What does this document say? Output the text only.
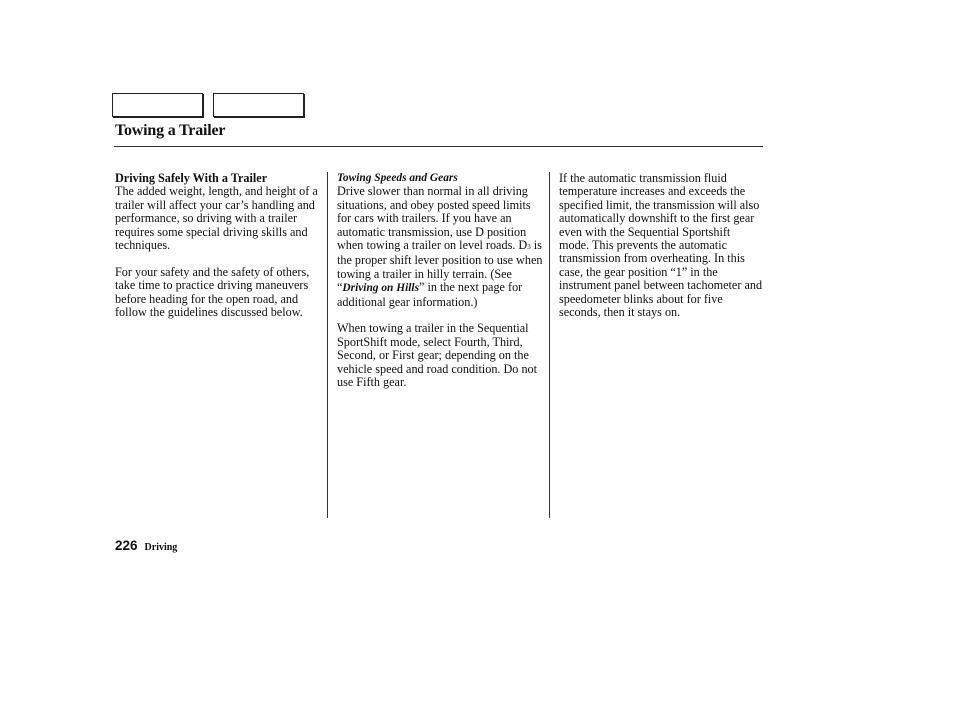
Towing a Trailer

Driving Safely With a Trailer
The added weight, length, and height of a trailer will affect your car’s handling and performance, so driving with a trailer requires some special driving skills and techniques.

For your safety and the safety of others, take time to practice driving maneuvers before heading for the open road, and follow the guidelines discussed below.

Towing Speeds and Gears
Drive slower than normal in all driving situations, and obey posted speed limits for cars with trailers. If you have an automatic transmission, use D position when towing a trailer on level roads. D3 is the proper shift lever position to use when towing a trailer in hilly terrain. (See “Driving on Hills” in the next page for additional gear information.)

When towing a trailer in the Sequential SportShift mode, select Fourth, Third, Second, or First gear; depending on the vehicle speed and road condition. Do not use Fifth gear.

If the automatic transmission fluid temperature increases and exceeds the specified limit, the transmission will also automatically downshift to the first gear even with the Sequential Sportshift mode. This prevents the automatic transmission from overheating. In this case, the gear position “1” in the instrument panel between tachometer and speedometer blinks about for five seconds, then it stays on.

226 Driving
